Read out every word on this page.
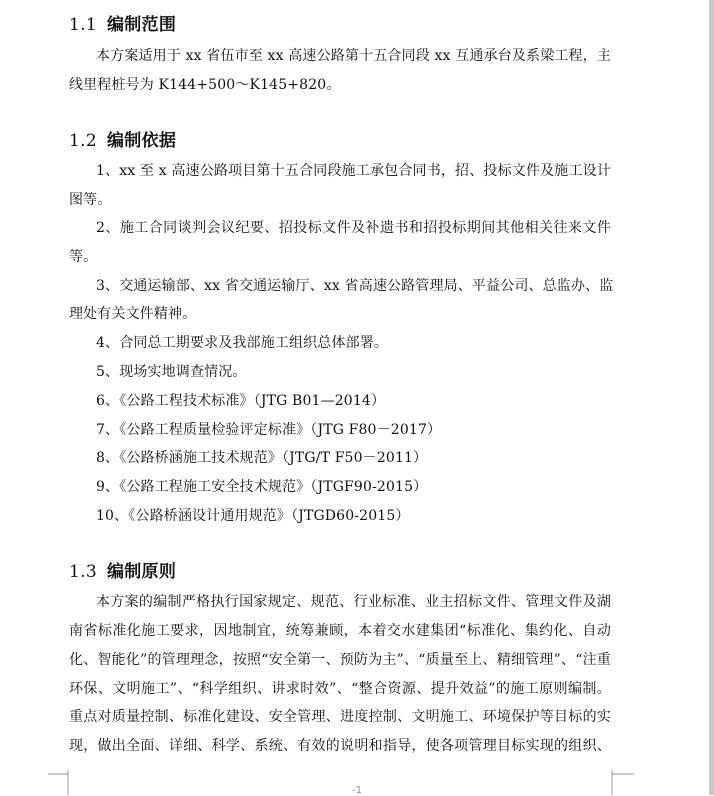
1.1 编制范围
本方案适用于 xx 省伍市至 xx 高速公路第十五合同段 xx 互通承台及系梁工程，主
线里程桩号为 K144+500～K145+820。
1.2 编制依据
1、xx 至 x 高速公路项目第十五合同段施工承包合同书，招、投标文件及施工设计
图等。
2、施工合同谈判会议纪要、招投标文件及补遗书和招投标期间其他相关往来文件
等。
3、交通运输部、xx 省交通运输厅、xx 省高速公路管理局、平益公司、总监办、监
理处有关文件精神。
4、合同总工期要求及我部施工组织总体部署。
5、现场实地调查情况。
6、《公路工程技术标准》（JTG B01—2014）
7、《公路工程质量检验评定标准》（JTG F80－2017）
8、《公路桥涵施工技术规范》（JTG/T F50－2011）
9、《公路工程施工安全技术规范》（JTGF90-2015）
10、《公路桥涵设计通用规范》（JTGD60-2015）
1.3 编制原则
本方案的编制严格执行国家规定、规范、行业标准、业主招标文件、管理文件及湖
南省标准化施工要求，因地制宜，统筹兼顾，本着交水建集团“标准化、集约化、自动
化、智能化”的管理理念，按照“安全第一、预防为主”、“质量至上、精细管理”、“注重
环保、文明施工”、“科学组织、讲求时效”、“整合资源、提升效益”的施工原则编制。
重点对质量控制、标准化建设、安全管理、进度控制、文明施工、环境保护等目标的实
现，做出全面、详细、科学、系统、有效的说明和指导，使各项管理目标实现的组织、
-1
